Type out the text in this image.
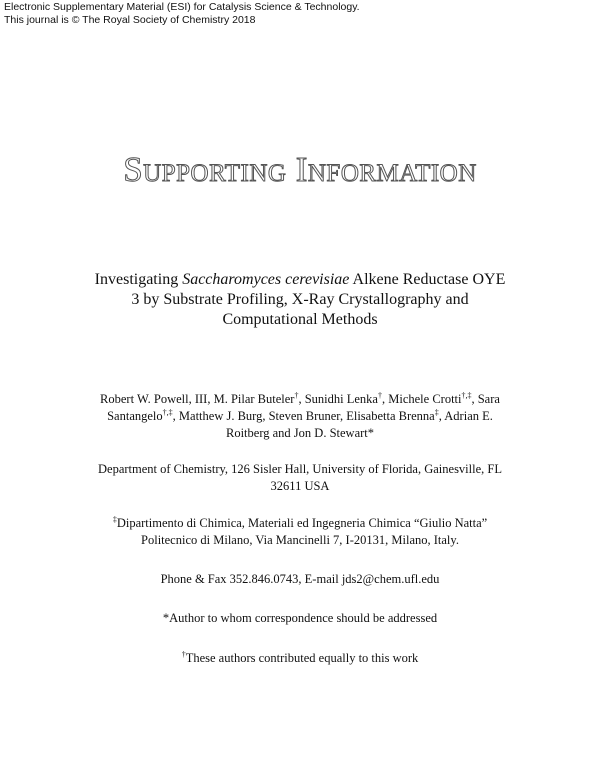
Electronic Supplementary Material (ESI) for Catalysis Science & Technology.
This journal is © The Royal Society of Chemistry 2018
Supporting Information
Investigating Saccharomyces cerevisiae Alkene Reductase OYE
3 by Substrate Profiling, X-Ray Crystallography and
Computational Methods
Robert W. Powell, III, M. Pilar Buteler†, Sunidhi Lenka†, Michele Crotti†,‡, Sara
Santangelo†,‡, Matthew J. Burg, Steven Bruner, Elisabetta Brenna‡, Adrian E.
Roitberg and Jon D. Stewart*
Department of Chemistry, 126 Sisler Hall, University of Florida, Gainesville, FL
32611 USA
‡Dipartimento di Chimica, Materiali ed Ingegneria Chimica “Giulio Natta”
Politecnico di Milano, Via Mancinelli 7, I-20131, Milano, Italy.
Phone & Fax 352.846.0743, E-mail jds2@chem.ufl.edu
*Author to whom correspondence should be addressed
†These authors contributed equally to this work
